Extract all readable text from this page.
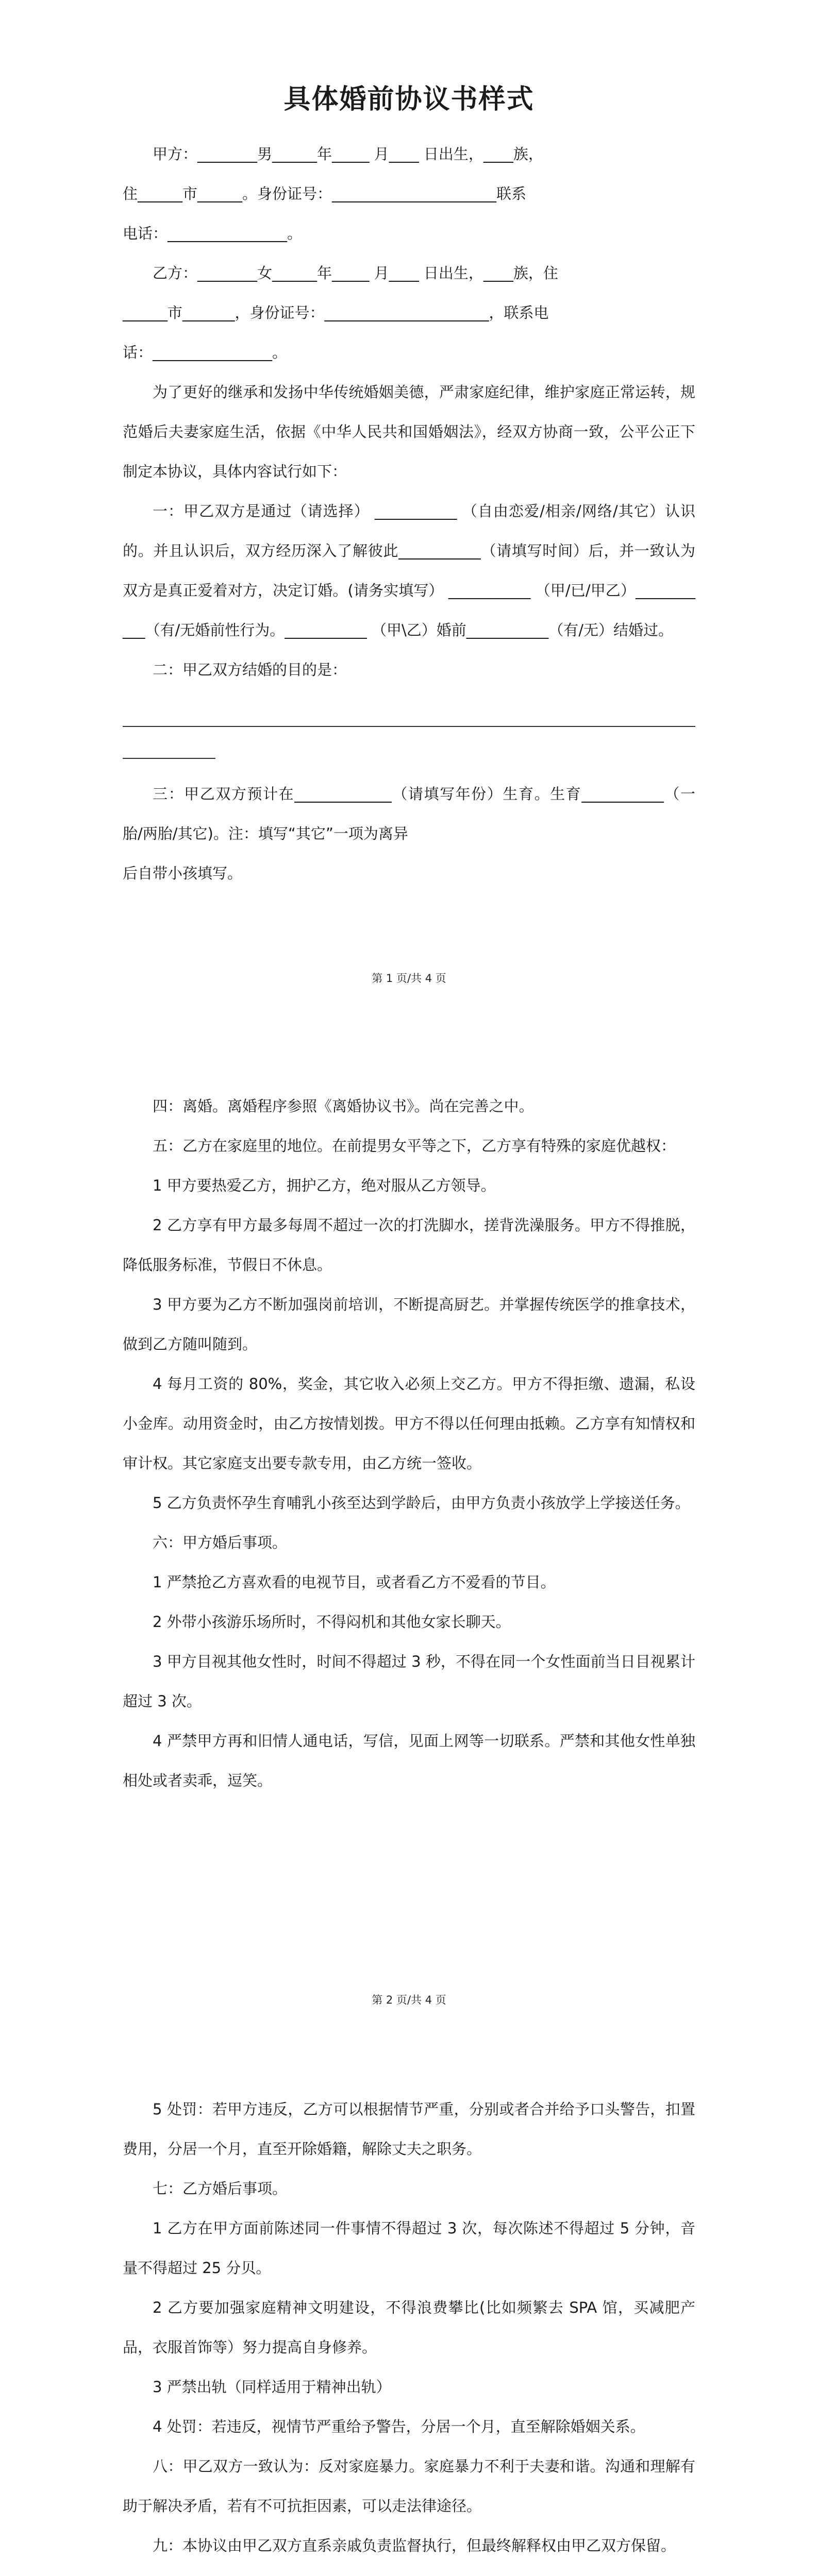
具体婚前协议书样式

甲方：________男______年_____ 月____ 日出生，____族，

住______市______。身份证号：______________________联系

电话：________________。

乙方：________女______年_____ 月____ 日出生，____族，住

______市_______，身份证号：______________________，联系电

话：________________。

为了更好的继承和发扬中华传统婚姻美德，严肃家庭纪律，维护家庭正常运转，规范婚后夫妻家庭生活，依据《中华人民共和国婚姻法》，经双方协商一致，公平公正下制定本协议，具体内容试行如下：

一：甲乙双方是通过（请选择） ___________ （自由恋爱/相亲/网络/其它）认识的。并且认识后，双方经历深入了解彼此___________（请填写时间）后，并一致认为双方是真正爱着对方，决定订婚。(请务实填写） ___________ （甲/已/甲乙）___________（有/无婚前性行为。___________ （甲\乙）婚前___________（有/无）结婚过。

二：甲乙双方结婚的目的是：

三：甲乙双方预计在_____________（请填写年份）生育。生育___________（一胎/两胎/其它)。注：填写“其它”一项为离异

后自带小孩填写。

第 1 页/共 4 页

四：离婚。离婚程序参照《离婚协议书》。尚在完善之中。

五：乙方在家庭里的地位。在前提男女平等之下，乙方享有特殊的家庭优越权：

1 甲方要热爱乙方，拥护乙方，绝对服从乙方领导。

2 乙方享有甲方最多每周不超过一次的打洗脚水，搓背洗澡服务。甲方不得推脱，降低服务标准，节假日不休息。

3 甲方要为乙方不断加强岗前培训，不断提高厨艺。并掌握传统医学的推拿技术，做到乙方随叫随到。

4 每月工资的 80%，奖金，其它收入必须上交乙方。甲方不得拒缴、遗漏，私设小金库。动用资金时，由乙方按情划拨。甲方不得以任何理由抵赖。乙方享有知情权和审计权。其它家庭支出要专款专用，由乙方统一签收。

5 乙方负责怀孕生育哺乳小孩至达到学龄后，由甲方负责小孩放学上学接送任务。

六：甲方婚后事项。

1 严禁抢乙方喜欢看的电视节目，或者看乙方不爱看的节目。

2 外带小孩游乐场所时，不得闷机和其他女家长聊天。

3 甲方目视其他女性时，时间不得超过 3 秒，不得在同一个女性面前当日目视累计超过 3 次。

4 严禁甲方再和旧情人通电话，写信，见面上网等一切联系。严禁和其他女性单独相处或者卖乖，逗笑。

第 2 页/共 4 页

5 处罚：若甲方违反，乙方可以根据情节严重，分别或者合并给予口头警告，扣置费用，分居一个月，直至开除婚籍，解除丈夫之职务。

七：乙方婚后事项。

1 乙方在甲方面前陈述同一件事情不得超过 3 次，每次陈述不得超过 5 分钟，音量不得超过 25 分贝。

2 乙方要加强家庭精神文明建设，不得浪费攀比(比如频繁去 SPA 馆，买减肥产品，衣服首饰等）努力提高自身修养。

3 严禁出轨（同样适用于精神出轨）

4 处罚：若违反，视情节严重给予警告，分居一个月，直至解除婚姻关系。

八：甲乙双方一致认为：反对家庭暴力。家庭暴力不利于夫妻和谐。沟通和理解有助于解决矛盾，若有不可抗拒因素，可以走法律途径。

九：本协议由甲乙双方直系亲戚负责监督执行，但最终解释权由甲乙双方保留。
